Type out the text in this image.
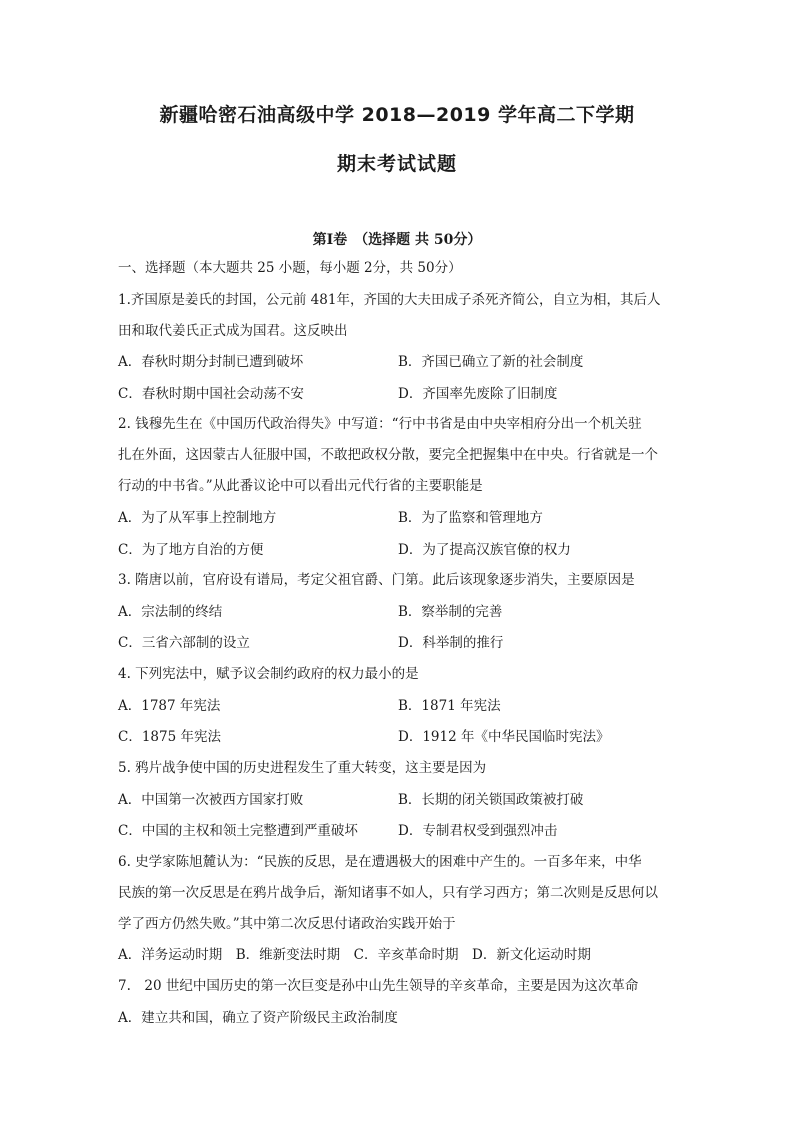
新疆哈密石油高级中学 2018—2019 学年高二下学期
期末考试试题
第Ⅰ卷　（选择题 共 50分）
一、选择题（本大题共 25 小题，每小题 2分，共 50分）
1.齐国原是姜氏的封国，公元前 481年，齐国的大夫田成子杀死齐简公，自立为相，其后人
田和取代姜氏正式成为国君。这反映出
A．春秋时期分封制已遭到破坏	B．齐国已确立了新的社会制度
C．春秋时期中国社会动荡不安	D．齐国率先废除了旧制度
2. 钱穆先生在《中国历代政治得失》中写道：“行中书省是由中央宰相府分出一个机关驻
扎在外面，这因蒙古人征服中国，不敢把政权分散，要完全把握集中在中央。行省就是一个
行动的中书省。”从此番议论中可以看出元代行省的主要职能是
A．为了从军事上控制地方	B．为了监察和管理地方
C．为了地方自治的方便	D．为了提高汉族官僚的权力
3. 隋唐以前，官府设有谱局，考定父祖官爵、门第。此后该现象逐步消失，主要原因是
A．宗法制的终结	B．察举制的完善
C．三省六部制的设立	D．科举制的推行
4. 下列宪法中，赋予议会制约政府的权力最小的是
A．1787 年宪法	B．1871 年宪法
C．1875 年宪法	D．1912 年《中华民国临时宪法》
5. 鸦片战争使中国的历史进程发生了重大转变，这主要是因为
A．中国第一次被西方国家打败	B．长期的闭关锁国政策被打破
C．中国的主权和领土完整遭到严重破坏	D．专制君权受到强烈冲击
6. 史学家陈旭麓认为：“民族的反思，是在遭遇极大的困难中产生的。一百多年来，中华
民族的第一次反思是在鸦片战争后，渐知诸事不如人，只有学习西方；第二次则是反思何以
学了西方仍然失败。”其中第二次反思付诸政治实践开始于
A．洋务运动时期　B．维新变法时期　C．辛亥革命时期　D．新文化运动时期
7.　20 世纪中国历史的第一次巨变是孙中山先生领导的辛亥革命，主要是因为这次革命
A．建立共和国，确立了资产阶级民主政治制度
